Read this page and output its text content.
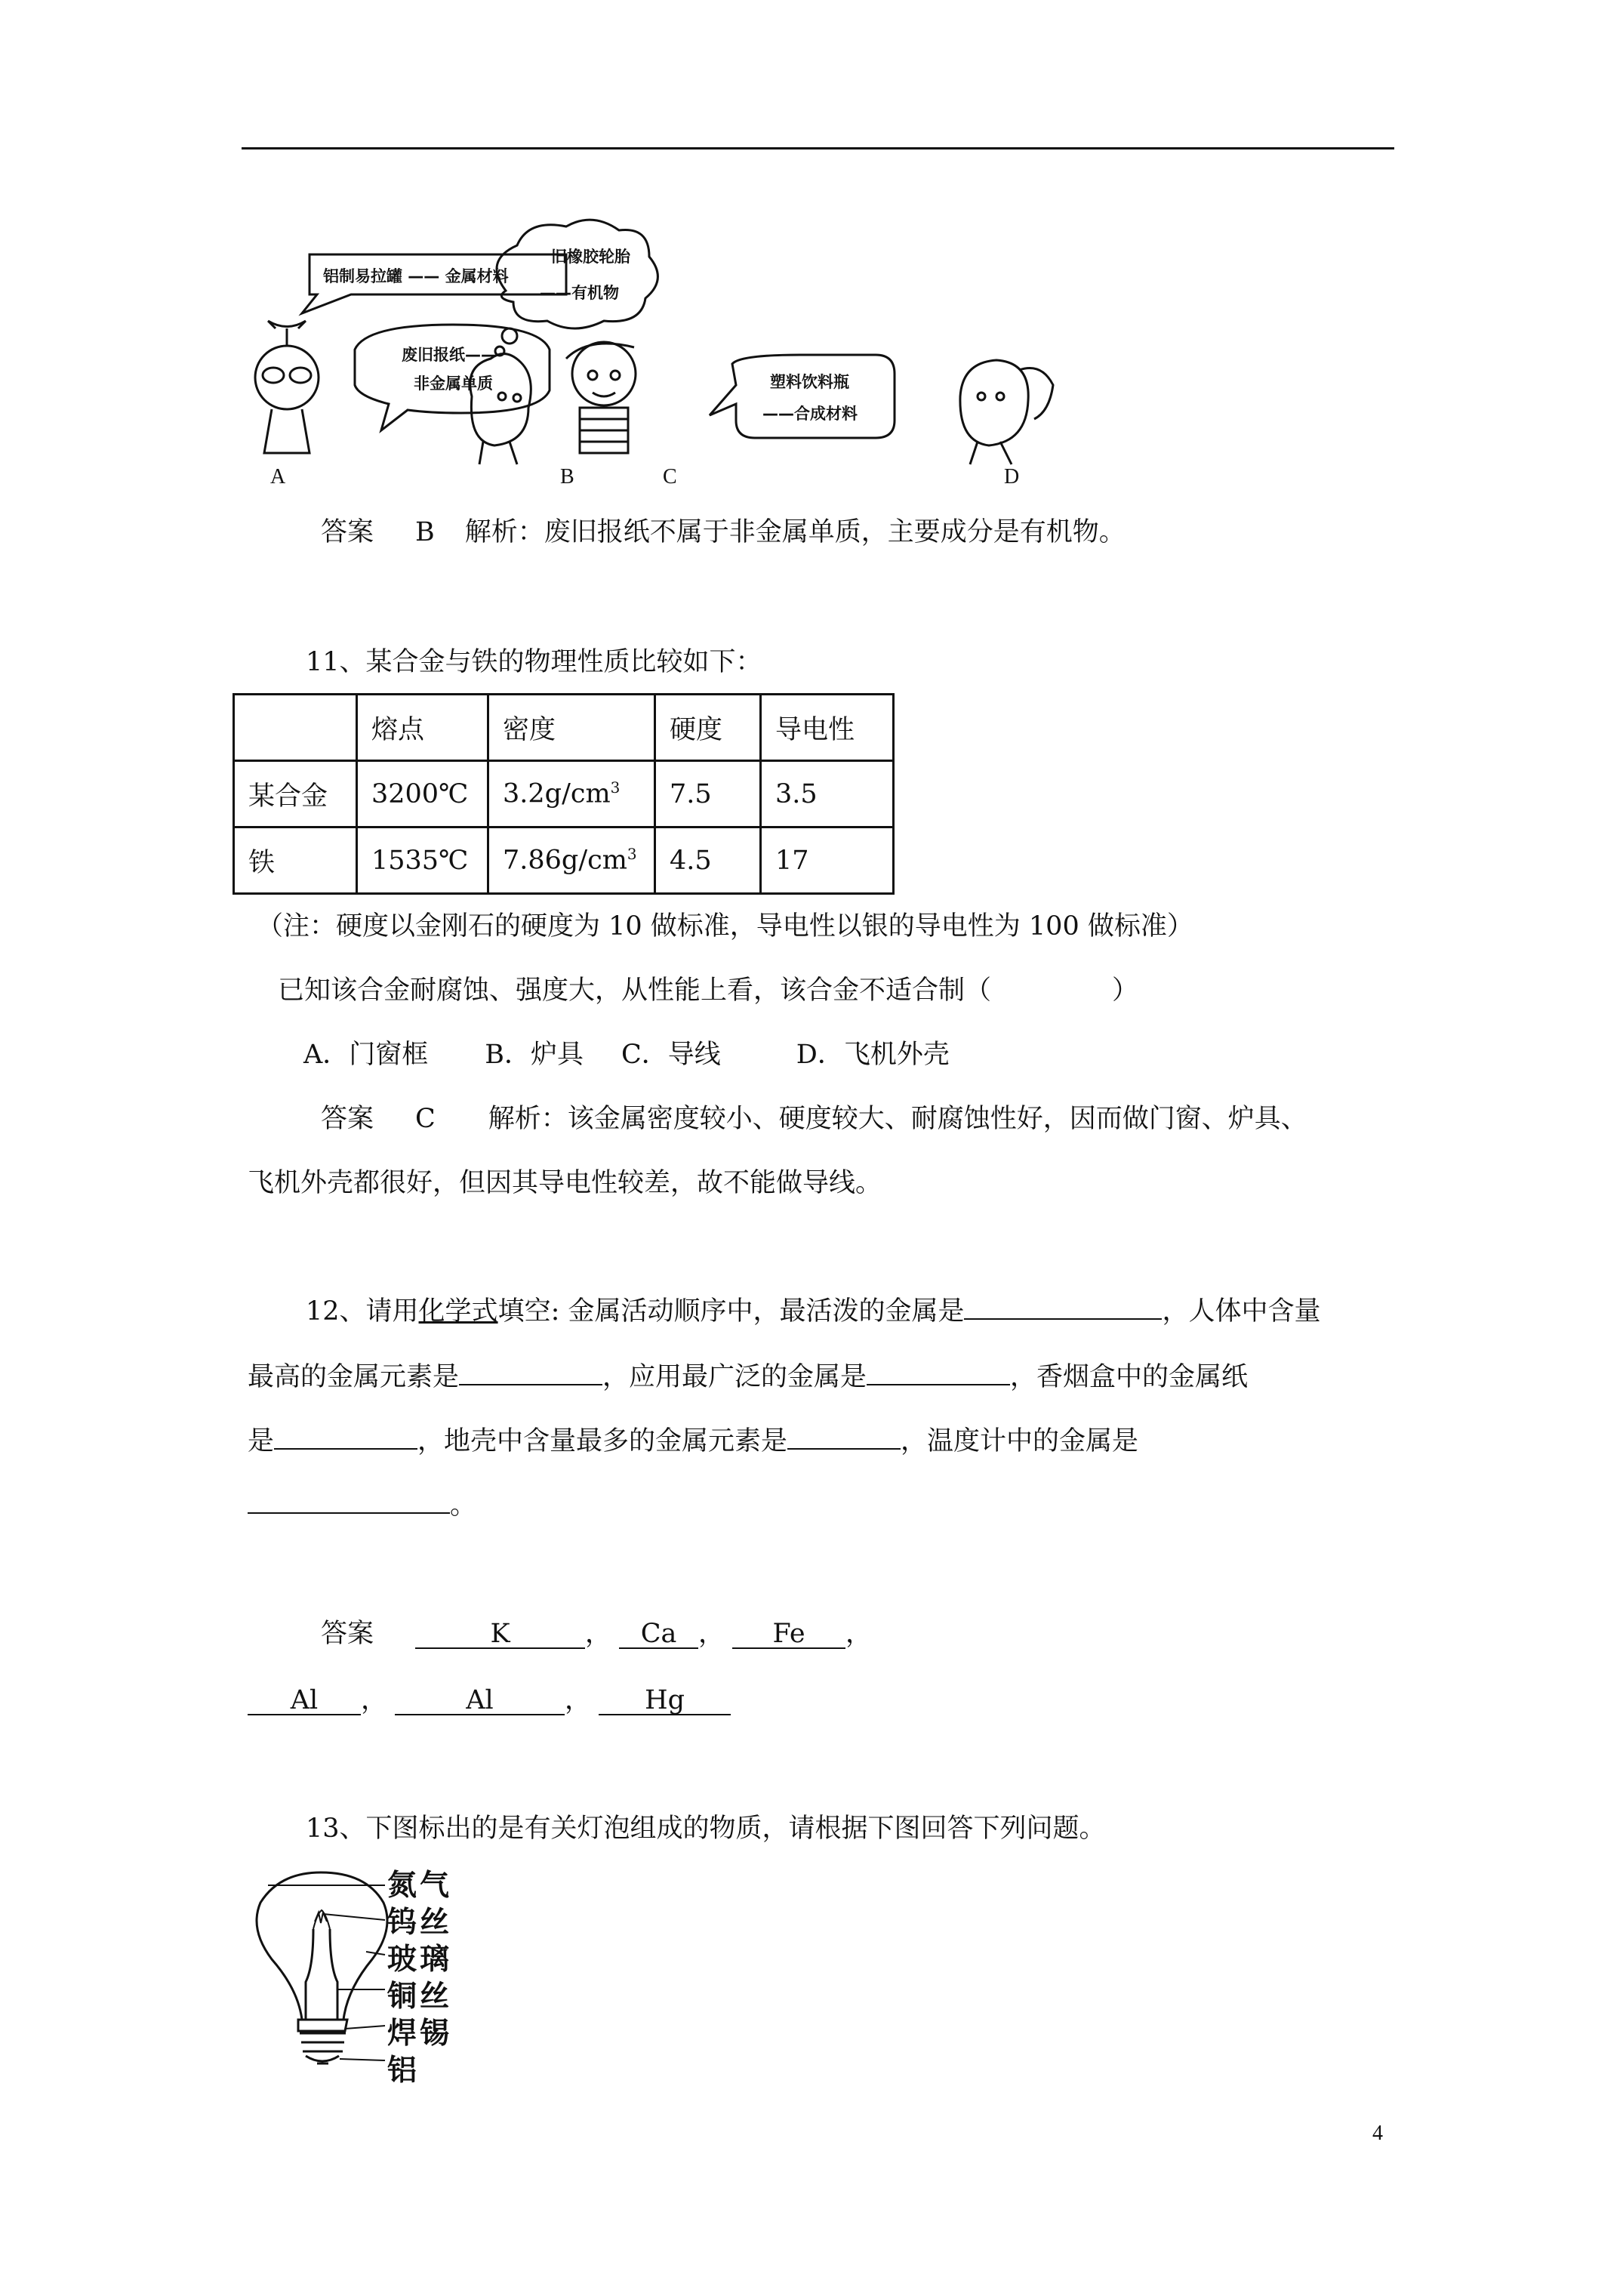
铝制易拉罐 —— 金属材料
废旧报纸——
非金属单质
旧橡胶轮胎
——有机物
塑料饮料瓶
——合成材料
A	B	C	D
答案 B 解析：废旧报纸不属于非金属单质，主要成分是有机物。
11、某合金与铁的物理性质比较如下：
	熔点	密度	硬度	导电性
某合金	3200℃	$3.2g/cm^3$	7.5	3.5
铁	1535℃	$7.86g/cm^3$	4.5	17
（注：硬度以金刚石的硬度为 10 做标准，导电性以银的导电性为 100 做标准）
已知该合金耐腐蚀、强度大，从性能上看，该合金不适合制（	）
A．门窗框 B．炉具 C．导线	D．飞机外壳
答案 C 解析：该金属密度较小、硬度较大、耐腐蚀性好，因而做门窗、炉具、
飞机外壳都很好，但因其导电性较差，故不能做导线。
12、请用化学式填空: 金属活动顺序中，最活泼的金属是	，人体中含量
最高的金属元素是	，应用最广泛的金属是	，香烟盒中的金属纸
是	，地壳中含量最多的金属元素是	，温度计中的金属是
。
答案	K	， Ca ， Fe ，
Al ，	Al	， Hg
13、下图标出的是有关灯泡组成的物质，请根据下图回答下列问题。
氮气
钨丝
玻璃
铜丝
焊锡
铝
4
